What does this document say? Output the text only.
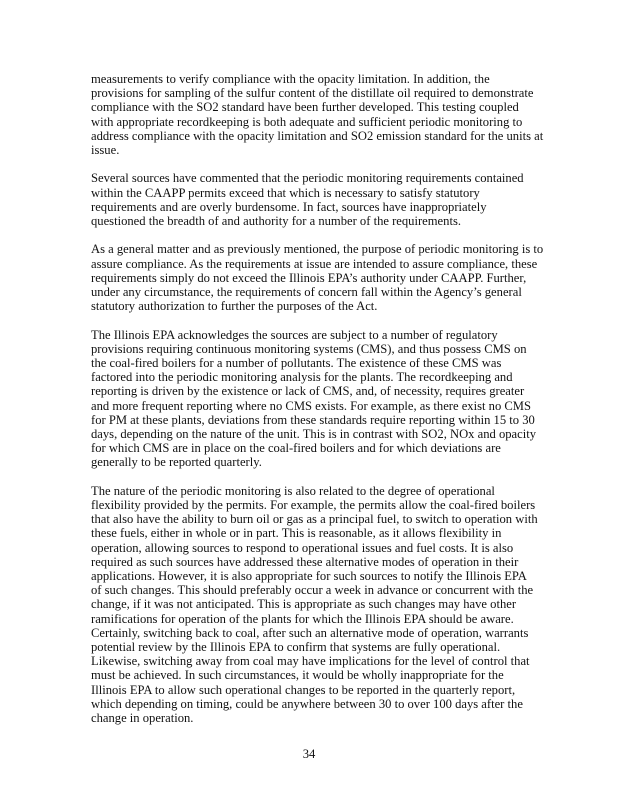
measurements to verify compliance with the opacity limitation. In addition, the
provisions for sampling of the sulfur content of the distillate oil required to demonstrate
compliance with the SO2 standard have been further developed. This testing coupled
with appropriate recordkeeping is both adequate and sufficient periodic monitoring to
address compliance with the opacity limitation and SO2 emission standard for the units at
issue.

Several sources have commented that the periodic monitoring requirements contained
within the CAAPP permits exceed that which is necessary to satisfy statutory
requirements and are overly burdensome. In fact, sources have inappropriately
questioned the breadth of and authority for a number of the requirements.

As a general matter and as previously mentioned, the purpose of periodic monitoring is to
assure compliance. As the requirements at issue are intended to assure compliance, these
requirements simply do not exceed the Illinois EPA’s authority under CAAPP. Further,
under any circumstance, the requirements of concern fall within the Agency’s general
statutory authorization to further the purposes of the Act.

The Illinois EPA acknowledges the sources are subject to a number of regulatory
provisions requiring continuous monitoring systems (CMS), and thus possess CMS on
the coal-fired boilers for a number of pollutants. The existence of these CMS was
factored into the periodic monitoring analysis for the plants. The recordkeeping and
reporting is driven by the existence or lack of CMS, and, of necessity, requires greater
and more frequent reporting where no CMS exists. For example, as there exist no CMS
for PM at these plants, deviations from these standards require reporting within 15 to 30
days, depending on the nature of the unit. This is in contrast with SO2, NOx and opacity
for which CMS are in place on the coal-fired boilers and for which deviations are
generally to be reported quarterly.

The nature of the periodic monitoring is also related to the degree of operational
flexibility provided by the permits. For example, the permits allow the coal-fired boilers
that also have the ability to burn oil or gas as a principal fuel, to switch to operation with
these fuels, either in whole or in part. This is reasonable, as it allows flexibility in
operation, allowing sources to respond to operational issues and fuel costs. It is also
required as such sources have addressed these alternative modes of operation in their
applications. However, it is also appropriate for such sources to notify the Illinois EPA
of such changes. This should preferably occur a week in advance or concurrent with the
change, if it was not anticipated. This is appropriate as such changes may have other
ramifications for operation of the plants for which the Illinois EPA should be aware.
Certainly, switching back to coal, after such an alternative mode of operation, warrants
potential review by the Illinois EPA to confirm that systems are fully operational.
Likewise, switching away from coal may have implications for the level of control that
must be achieved. In such circumstances, it would be wholly inappropriate for the
Illinois EPA to allow such operational changes to be reported in the quarterly report,
which depending on timing, could be anywhere between 30 to over 100 days after the
change in operation.

34
